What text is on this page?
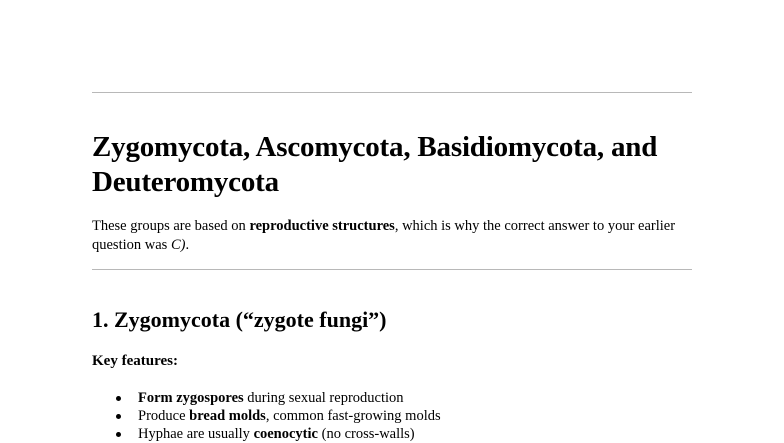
Zygomycota, Ascomycota, Basidiomycota, and Deuteromycota

These groups are based on reproductive structures, which is why the correct answer to your earlier question was C).

1. Zygomycota (“zygote fungi”)

Key features:

Form zygospores during sexual reproduction
Produce bread molds, common fast-growing molds
Hyphae are usually coenocytic (no cross-walls)
